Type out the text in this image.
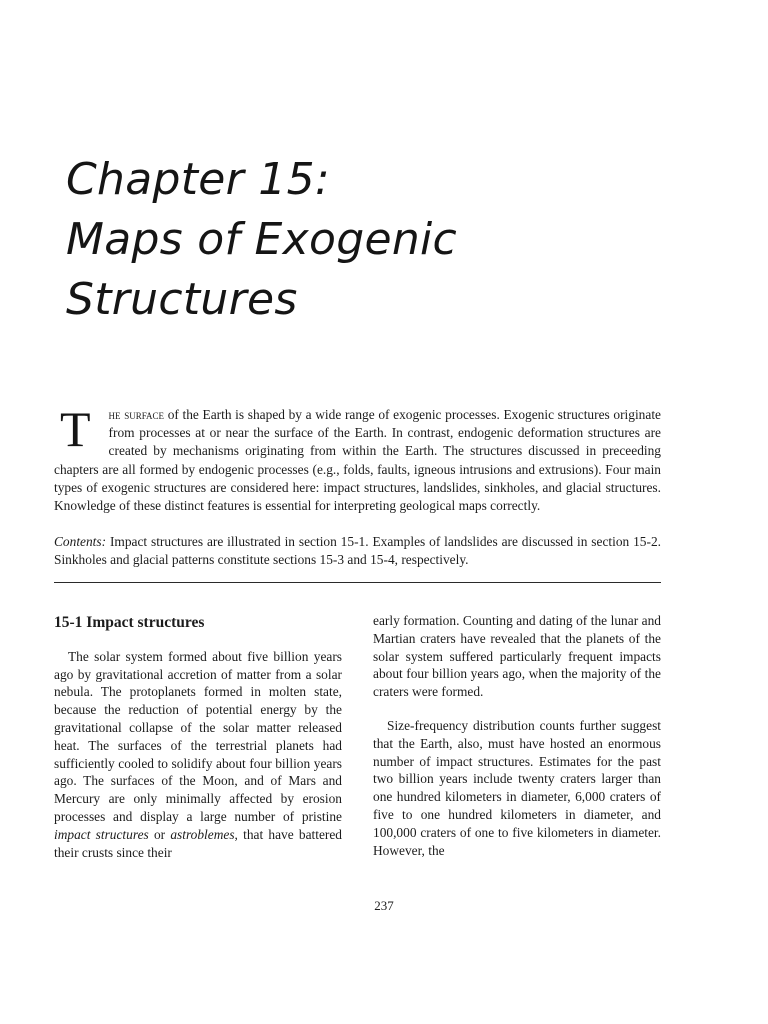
Chapter 15:
Maps of Exogenic
Structures

T he surface of the Earth is shaped by a wide range of exogenic processes. Exogenic structures originate from processes at or near the surface of the Earth. In contrast, endogenic deformation structures are created by mechanisms originating from within the Earth. The structures discussed in preceeding chapters are all formed by endogenic processes (e.g., folds, faults, igneous intrusions and extrusions). Four main types of exogenic structures are considered here: impact structures, landslides, sinkholes, and glacial structures. Knowledge of these distinct features is essential for interpreting geological maps correctly.

Contents: Impact structures are illustrated in section 15-1. Examples of landslides are discussed in section 15-2. Sinkholes and glacial patterns constitute sections 15-3 and 15-4, respectively.

15-1 Impact structures

The solar system formed about five billion years ago by gravitational accretion of matter from a solar nebula. The protoplanets formed in molten state, because the reduction of potential energy by the gravitational collapse of the solar matter released heat. The surfaces of the terrestrial planets had sufficiently cooled to solidify about four billion years ago. The surfaces of the Moon, and of Mars and Mercury are only minimally affected by erosion processes and display a large number of pristine impact structures or astroblemes, that have battered their crusts since their

early formation. Counting and dating of the lunar and Martian craters have revealed that the planets of the solar system suffered particularly frequent impacts about four billion years ago, when the majority of the craters were formed.

Size-frequency distribution counts further suggest that the Earth, also, must have hosted an enormous number of impact structures. Estimates for the past two billion years include twenty craters larger than one hundred kilometers in diameter, 6,000 craters of five to one hundred kilometers in diameter, and 100,000 craters of one to five kilometers in diameter. However, the

237
